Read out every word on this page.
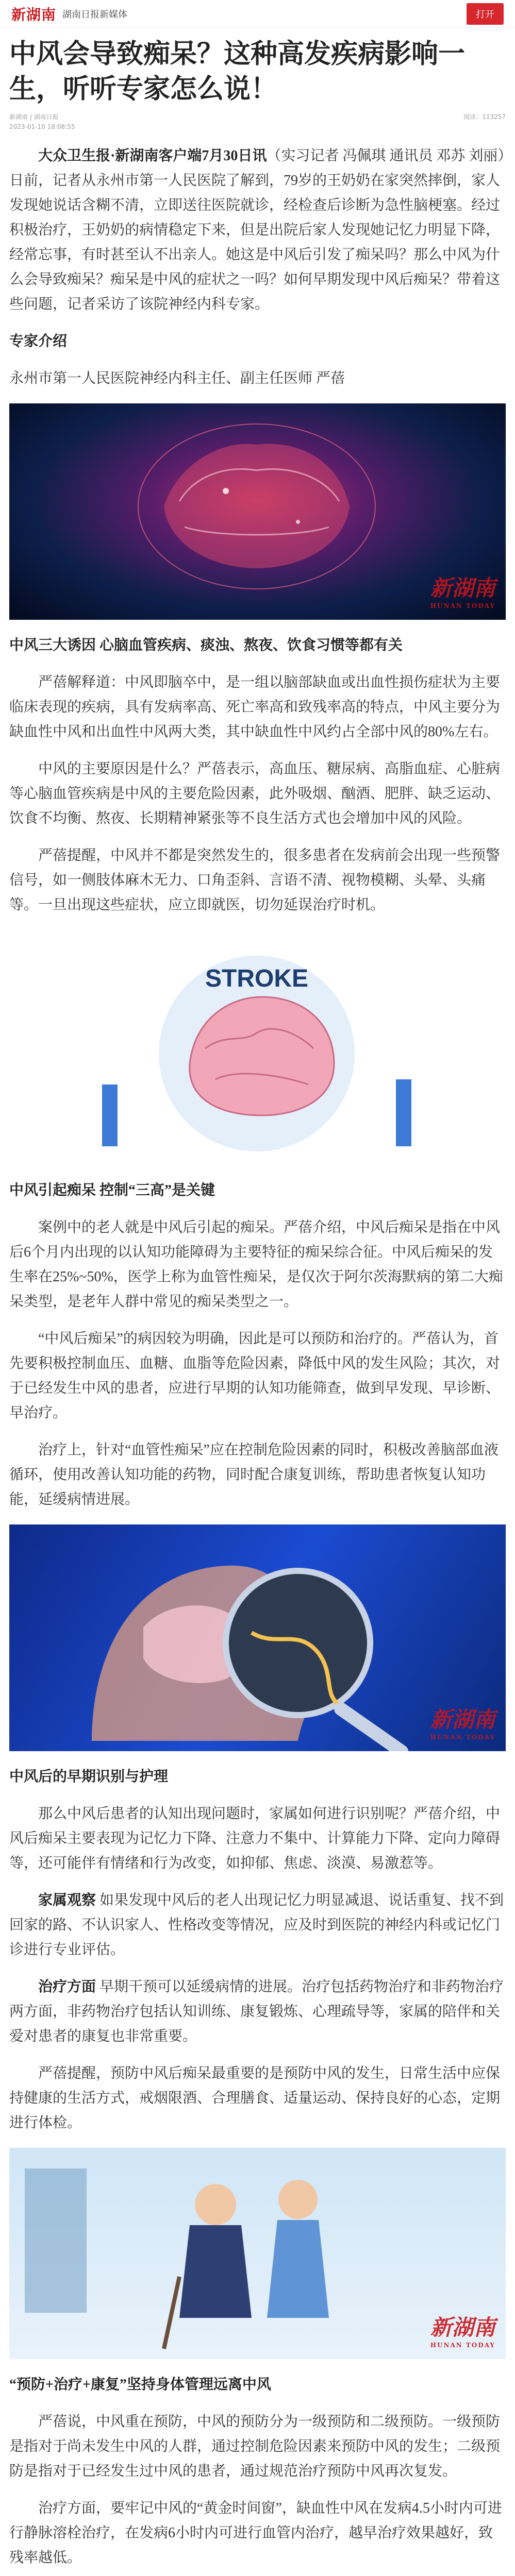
新湖南 湖南日报新媒体	打开
中风会导致痴呆？这种高发疾病影响一生，听听专家怎么说！
新湖南 | 湖南日报	阅读：113257
2023-01-10 18:08:55

大众卫生报·新湖南客户端7月30日讯（实习记者 冯佩琪 通讯员 邓苏 刘丽）日前，记者从永州市第一人民医院了解到，79岁的王奶奶在家突然摔倒，家人发现她说话含糊不清，立即送往医院就诊，经检查后诊断为急性脑梗塞。经过积极治疗，王奶奶的病情稳定下来，但是出院后家人发现她记忆力明显下降，经常忘事，有时甚至认不出亲人。她这是中风后引发了痴呆吗？那么中风为什么会导致痴呆？痴呆是中风的症状之一吗？如何早期发现中风后痴呆？带着这些问题，记者采访了该院神经内科专家。

专家介绍

永州市第一人民医院神经内科主任、副主任医师 严蓓

新湖南
HUNAN TODAY

中风三大诱因 心脑血管疾病、痰浊、熬夜、饮食习惯等都有关

严蓓解释道：中风即脑卒中，是一组以脑部缺血或出血性损伤症状为主要临床表现的疾病，具有发病率高、死亡率高和致残率高的特点，中风主要分为缺血性中风和出血性中风两大类，其中缺血性中风约占全部中风的80%左右。

中风的主要原因是什么？严蓓表示，高血压、糖尿病、高脂血症、心脏病等心脑血管疾病是中风的主要危险因素，此外吸烟、酗酒、肥胖、缺乏运动、饮食不均衡、熬夜、长期精神紧张等不良生活方式也会增加中风的风险。

严蓓提醒，中风并不都是突然发生的，很多患者在发病前会出现一些预警信号，如一侧肢体麻木无力、口角歪斜、言语不清、视物模糊、头晕、头痛等。一旦出现这些症状，应立即就医，切勿延误治疗时机。

STROKE

中风引起痴呆 控制“三高”是关键

案例中的老人就是中风后引起的痴呆。严蓓介绍，中风后痴呆是指在中风后6个月内出现的以认知功能障碍为主要特征的痴呆综合征。中风后痴呆的发生率在25%~50%，医学上称为血管性痴呆，是仅次于阿尔茨海默病的第二大痴呆类型，是老年人群中常见的痴呆类型之一。

“中风后痴呆”的病因较为明确，因此是可以预防和治疗的。严蓓认为，首先要积极控制血压、血糖、血脂等危险因素，降低中风的发生风险；其次，对于已经发生中风的患者，应进行早期的认知功能筛查，做到早发现、早诊断、早治疗。

治疗上，针对“血管性痴呆”应在控制危险因素的同时，积极改善脑部血液循环，使用改善认知功能的药物，同时配合康复训练，帮助患者恢复认知功能，延缓病情进展。

新湖南
HUNAN TODAY

中风后的早期识别与护理

那么中风后患者的认知出现问题时，家属如何进行识别呢？严蓓介绍，中风后痴呆主要表现为记忆力下降、注意力不集中、计算能力下降、定向力障碍等，还可能伴有情绪和行为改变，如抑郁、焦虑、淡漠、易激惹等。

家属观察 如果发现中风后的老人出现记忆力明显减退、说话重复、找不到回家的路、不认识家人、性格改变等情况，应及时到医院的神经内科或记忆门诊进行专业评估。

治疗方面 早期干预可以延缓病情的进展。治疗包括药物治疗和非药物治疗两方面，非药物治疗包括认知训练、康复锻炼、心理疏导等，家属的陪伴和关爱对患者的康复也非常重要。

严蓓提醒，预防中风后痴呆最重要的是预防中风的发生，日常生活中应保持健康的生活方式，戒烟限酒、合理膳食、适量运动、保持良好的心态，定期进行体检。

新湖南
HUNAN TODAY

“预防+治疗+康复”坚持身体管理远离中风

严蓓说，中风重在预防，中风的预防分为一级预防和二级预防。一级预防是指对于尚未发生中风的人群，通过控制危险因素来预防中风的发生；二级预防是指对于已经发生过中风的患者，通过规范治疗预防中风再次复发。

治疗方面，要牢记中风的“黄金时间窗”，缺血性中风在发病4.5小时内可进行静脉溶栓治疗，在发病6小时内可进行血管内治疗，越早治疗效果越好，致残率越低。
